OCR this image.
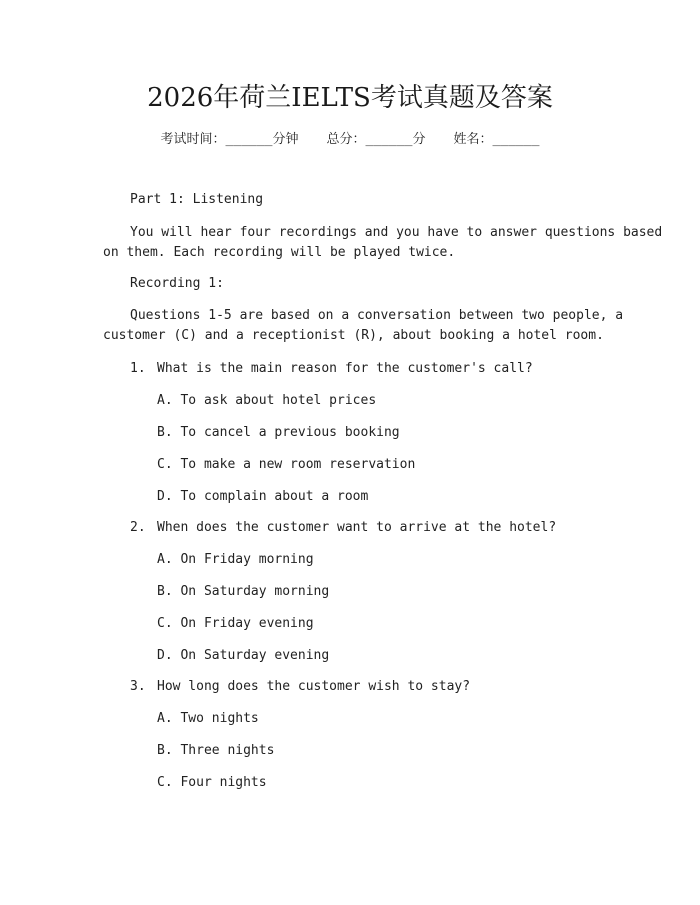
2026年荷兰IELTS考试真题及答案
考试时间：______分钟 总分：______分 姓名：______
Part 1: Listening
You will hear four recordings and you have to answer questions based
on them. Each recording will be played twice.
Recording 1:
Questions 1-5 are based on a conversation between two people, a
customer (C) and a receptionist (R), about booking a hotel room.
1. What is the main reason for the customer's call?
A. To ask about hotel prices
B. To cancel a previous booking
C. To make a new room reservation
D. To complain about a room
2. When does the customer want to arrive at the hotel?
A. On Friday morning
B. On Saturday morning
C. On Friday evening
D. On Saturday evening
3. How long does the customer wish to stay?
A. Two nights
B. Three nights
C. Four nights
